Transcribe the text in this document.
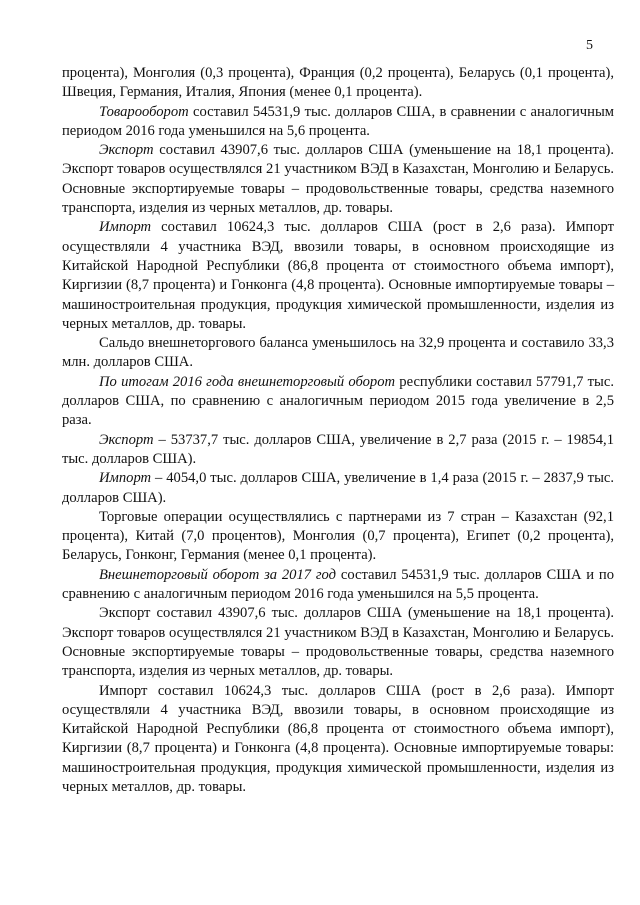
5

процента), Монголия (0,3 процента), Франция (0,2 процента), Беларусь (0,1 процента), Швеция, Германия, Италия, Япония (менее 0,1 процента).

Товарооборот составил 54531,9 тыс. долларов США, в сравнении с аналогичным периодом 2016 года уменьшился на 5,6 процента.

Экспорт составил 43907,6 тыс. долларов США (уменьшение на 18,1 процента). Экспорт товаров осуществлялся 21 участником ВЭД в Казахстан, Монголию и Беларусь. Основные экспортируемые товары – продовольственные товары, средства наземного транспорта, изделия из черных металлов, др. товары.

Импорт составил 10624,3 тыс. долларов США (рост в 2,6 раза). Импорт осуществляли 4 участника ВЭД, ввозили товары, в основном происходящие из Китайской Народной Республики (86,8 процента от стоимостного объема импорт), Киргизии (8,7 процента) и Гонконга (4,8 процента). Основные импортируемые товары – машиностроительная продукция, продукция химической промышленности, изделия из черных металлов, др. товары.

Сальдо внешнеторгового баланса уменьшилось на 32,9 процента и составило 33,3 млн. долларов США.

По итогам 2016 года внешнеторговый оборот республики составил 57791,7 тыс. долларов США, по сравнению с аналогичным периодом 2015 года увеличение в 2,5 раза.

Экспорт – 53737,7 тыс. долларов США, увеличение в 2,7 раза (2015 г. – 19854,1 тыс. долларов США).

Импорт – 4054,0 тыс. долларов США, увеличение в 1,4 раза (2015 г. – 2837,9 тыс. долларов США).

Торговые операции осуществлялись с партнерами из 7 стран – Казахстан (92,1 процента), Китай (7,0 процентов), Монголия (0,7 процента), Египет (0,2 процента), Беларусь, Гонконг, Германия (менее 0,1 процента).

Внешнеторговый оборот за 2017 год составил 54531,9 тыс. долларов США и по сравнению с аналогичным периодом 2016 года уменьшился на 5,5 процента.

Экспорт составил 43907,6 тыс. долларов США (уменьшение на 18,1 процента). Экспорт товаров осуществлялся 21 участником ВЭД в Казахстан, Монголию и Беларусь. Основные экспортируемые товары – продовольственные товары, средства наземного транспорта, изделия из черных металлов, др. товары.

Импорт составил 10624,3 тыс. долларов США (рост в 2,6 раза). Импорт осуществляли 4 участника ВЭД, ввозили товары, в основном происходящие из Китайской Народной Республики (86,8 процента от стоимостного объема импорт), Киргизии (8,7 процента) и Гонконга (4,8 процента). Основные импортируемые товары: машиностроительная продукция, продукция химической промышленности, изделия из черных металлов, др. товары.
